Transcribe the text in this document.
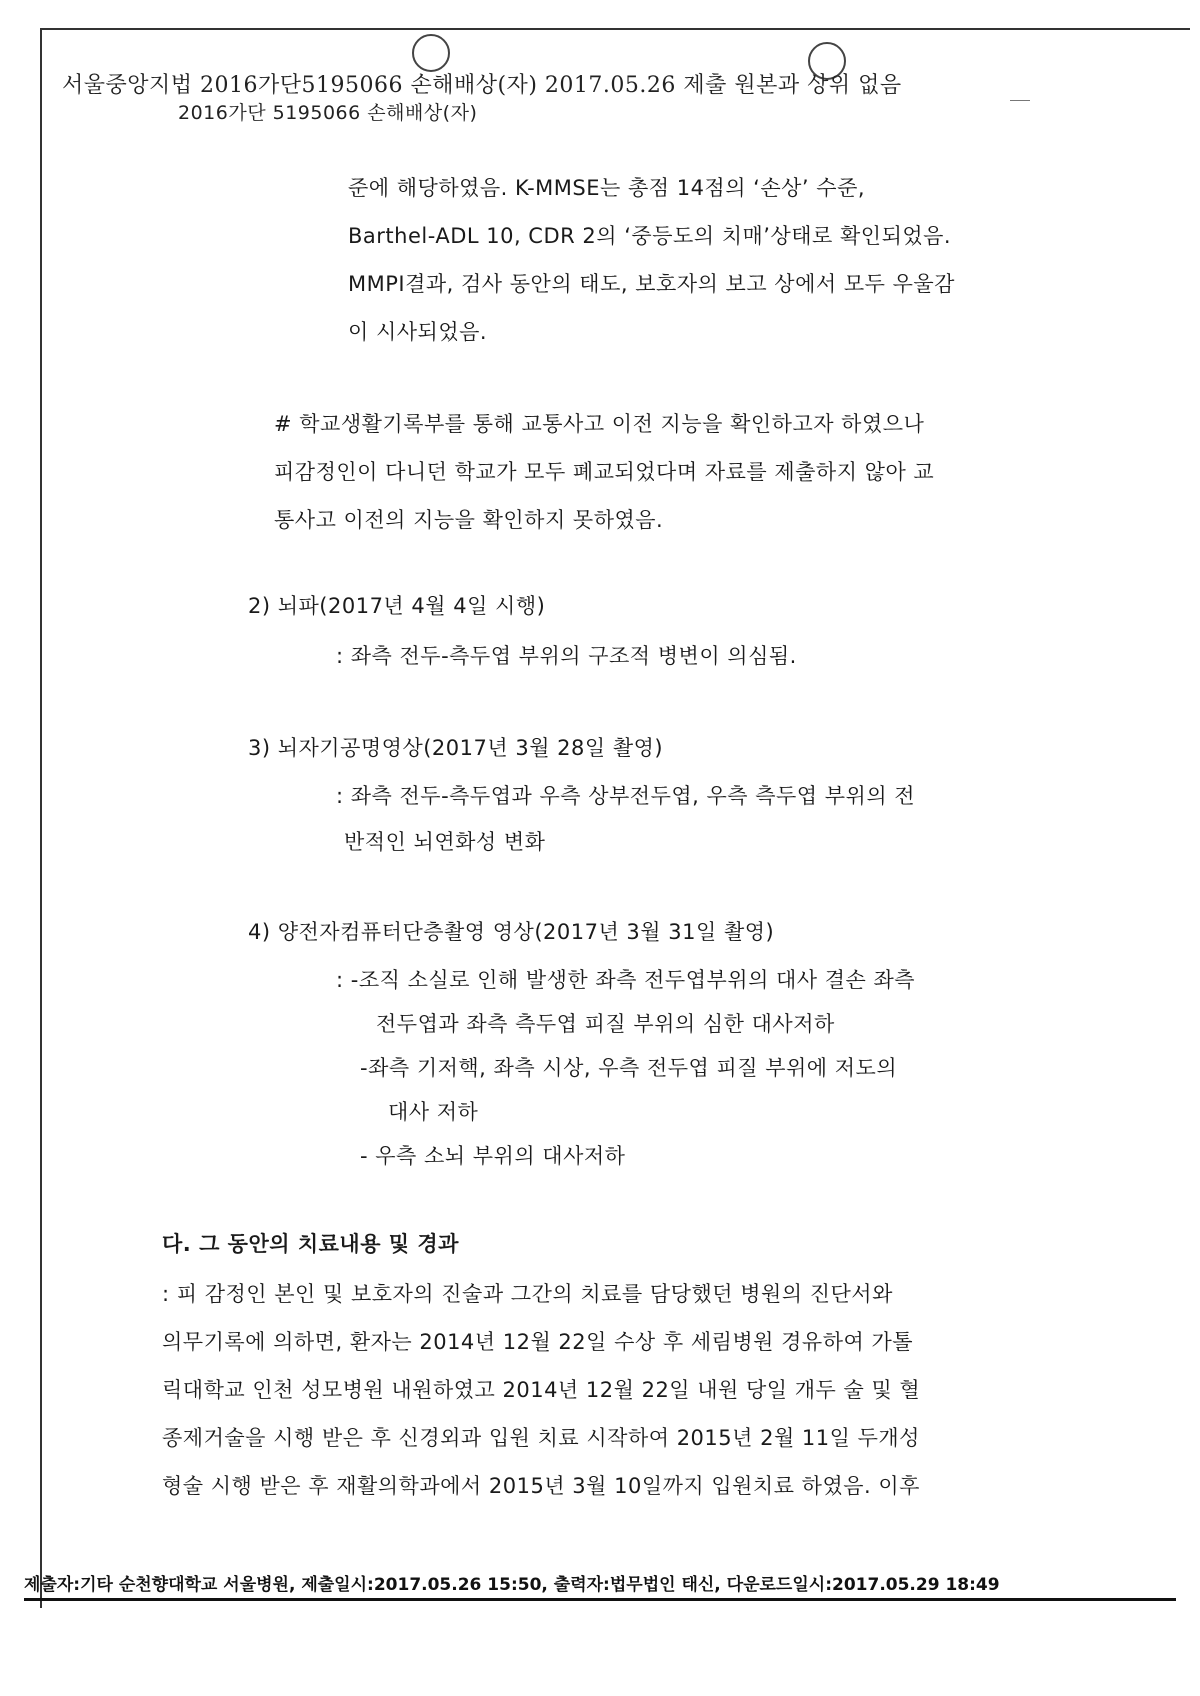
서울중앙지법 2016가단5195066 손해배상(자) 2017.05.26 제출 원본과 상위 없음
2016가단 5195066 손해배상(자)
준에 해당하였음. K-MMSE는 총점 14점의 ‘손상’ 수준,
Barthel-ADL 10, CDR 2의 ‘중등도의 치매’상태로 확인되었음.
MMPI결과, 검사 동안의 태도, 보호자의 보고 상에서 모두 우울감
이 시사되었음.
# 학교생활기록부를 통해 교통사고 이전 지능을 확인하고자 하였으나
피감정인이 다니던 학교가 모두 폐교되었다며 자료를 제출하지 않아 교
통사고 이전의 지능을 확인하지 못하였음.
2) 뇌파(2017년 4월 4일 시행)
: 좌측 전두-측두엽 부위의 구조적 병변이 의심됨.
3) 뇌자기공명영상(2017년 3월 28일 촬영)
: 좌측 전두-측두엽과 우측 상부전두엽, 우측 측두엽 부위의 전
반적인 뇌연화성 변화
4) 양전자컴퓨터단층촬영 영상(2017년 3월 31일 촬영)
: -조직 소실로 인해 발생한 좌측 전두엽부위의 대사 결손 좌측
전두엽과 좌측 측두엽 피질 부위의 심한 대사저하
-좌측 기저핵, 좌측 시상, 우측 전두엽 피질 부위에 저도의
대사 저하
- 우측 소뇌 부위의 대사저하
다. 그 동안의 치료내용 및 경과
: 피 감정인 본인 및 보호자의 진술과 그간의 치료를 담당했던 병원의 진단서와
의무기록에 의하면, 환자는 2014년 12월 22일 수상 후 세림병원 경유하여 가톨
릭대학교 인천 성모병원 내원하였고 2014년 12월 22일 내원 당일 개두 술 및 혈
종제거술을 시행 받은 후 신경외과 입원 치료 시작하여 2015년 2월 11일 두개성
형술 시행 받은 후 재활의학과에서 2015년 3월 10일까지 입원치료 하였음. 이후
제출자:기타 순천향대학교 서울병원, 제출일시:2017.05.26 15:50, 출력자:법무법인 태신, 다운로드일시:2017.05.29 18:49
